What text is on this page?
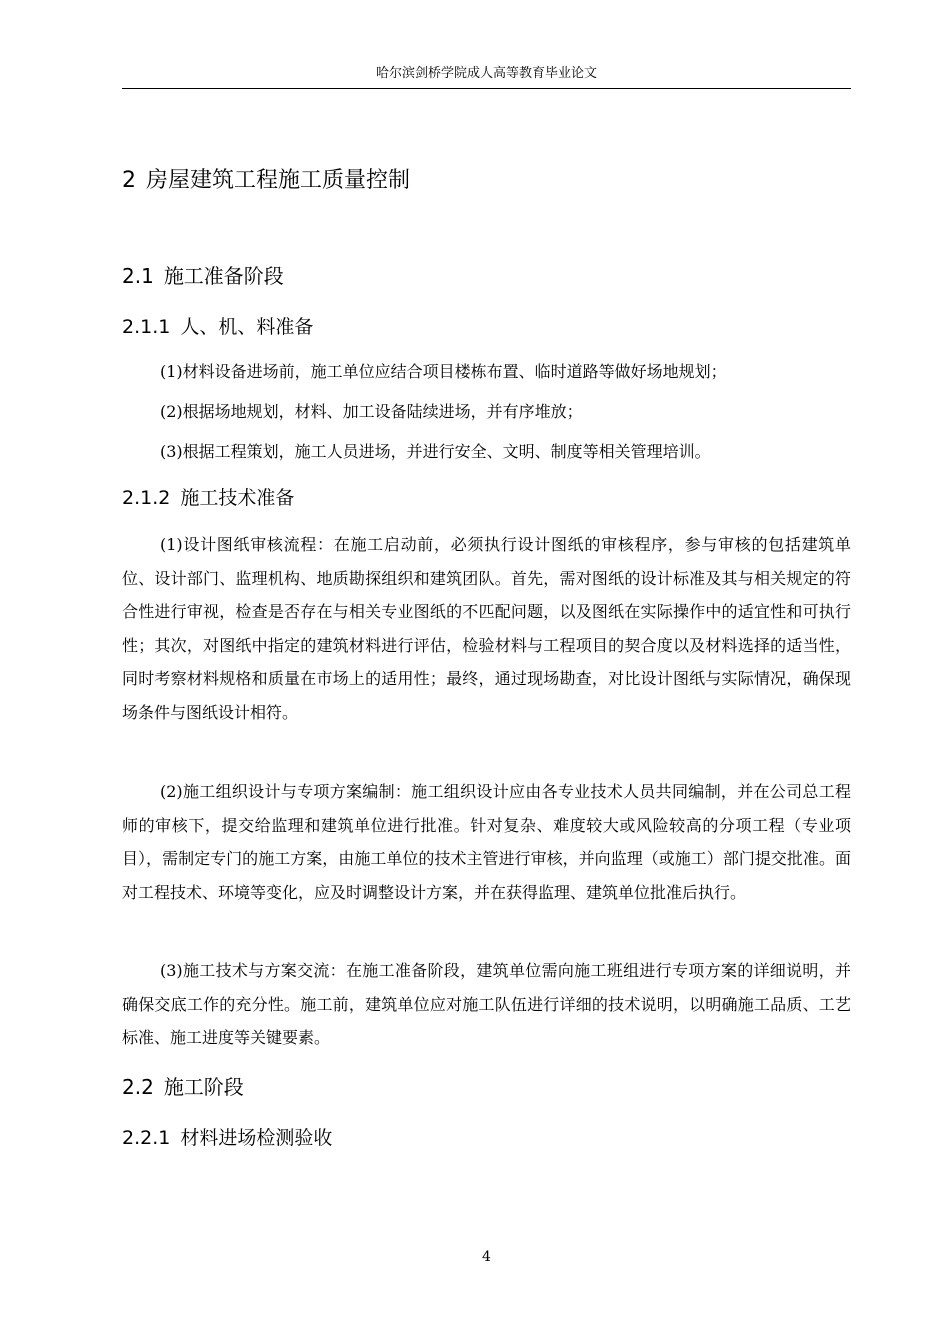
哈尔滨剑桥学院成人高等教育毕业论文
2 房屋建筑工程施工质量控制
2.1 施工准备阶段
2.1.1 人、机、料准备
(1)材料设备进场前，施工单位应结合项目楼栋布置、临时道路等做好场地规划；
(2)根据场地规划，材料、加工设备陆续进场，并有序堆放；
(3)根据工程策划，施工人员进场，并进行安全、文明、制度等相关管理培训。
2.1.2 施工技术准备

(1)设计图纸审核流程：在施工启动前，必须执行设计图纸的审核程序，参与审核的包括建筑单位、设计部门、监理机构、地质勘探组织和建筑团队。首先，需对图纸的设计标准及其与相关规定的符合性进行审视，检查是否存在与相关专业图纸的不匹配问题，以及图纸在实际操作中的适宜性和可执行性；其次，对图纸中指定的建筑材料进行评估，检验材料与工程项目的契合度以及材料选择的适当性，同时考察材料规格和质量在市场上的适用性；最终，通过现场勘查，对比设计图纸与实际情况，确保现场条件与图纸设计相符。

(2)施工组织设计与专项方案编制：施工组织设计应由各专业技术人员共同编制，并在公司总工程师的审核下，提交给监理和建筑单位进行批准。针对复杂、难度较大或风险较高的分项工程（专业项目），需制定专门的施工方案，由施工单位的技术主管进行审核，并向监理（或施工）部门提交批准。面对工程技术、环境等变化，应及时调整设计方案，并在获得监理、建筑单位批准后执行。

(3)施工技术与方案交流：在施工准备阶段，建筑单位需向施工班组进行专项方案的详细说明，并确保交底工作的充分性。施工前，建筑单位应对施工队伍进行详细的技术说明，以明确施工品质、工艺标准、施工进度等关键要素。

2.2 施工阶段
2.2.1 材料进场检测验收
4
